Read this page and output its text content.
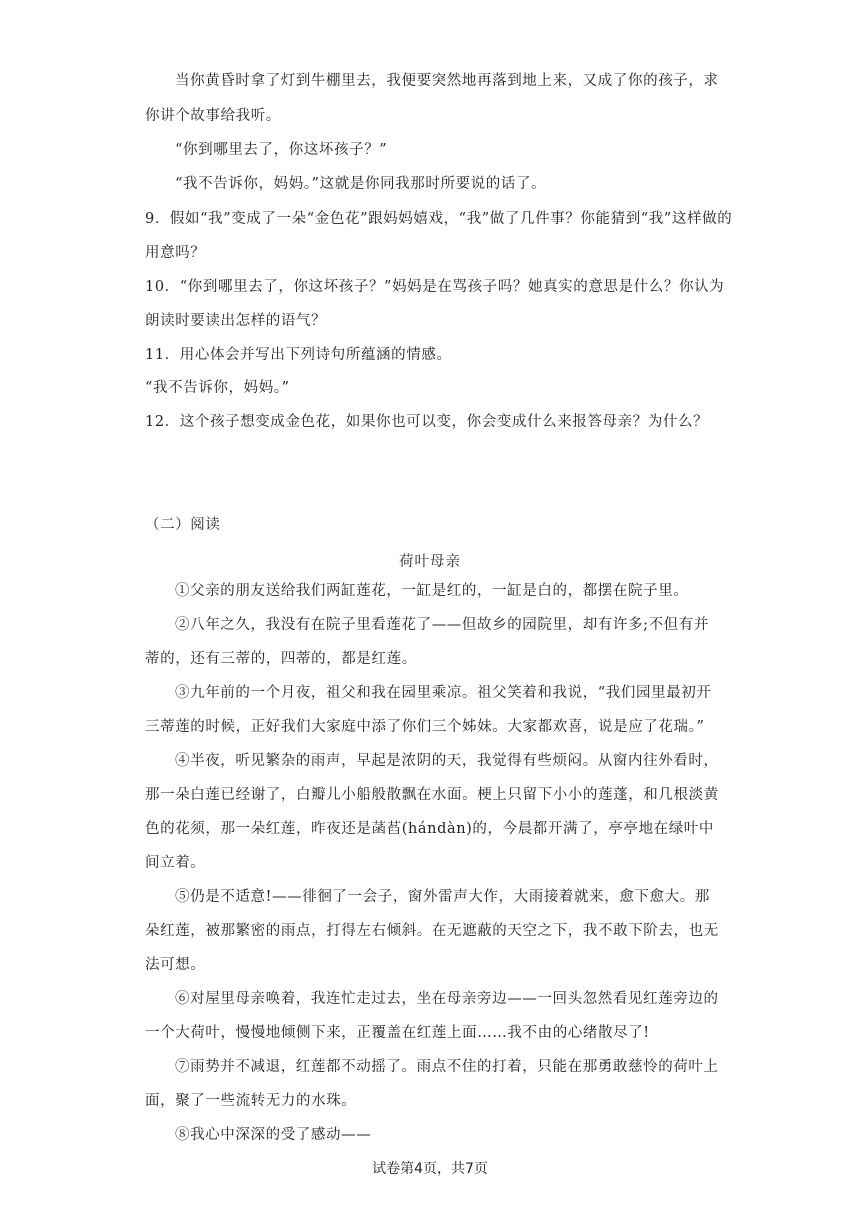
当你黄昏时拿了灯到牛棚里去，我便要突然地再落到地上来，又成了你的孩子，求
你讲个故事给我听。
“你到哪里去了，你这坏孩子？”
“我不告诉你，妈妈。”这就是你同我那时所要说的话了。
9．假如“我”变成了一朵“金色花”跟妈妈嬉戏，“我”做了几件事？你能猜到“我”这样做的
用意吗？
10．“你到哪里去了，你这坏孩子？”妈妈是在骂孩子吗？她真实的意思是什么？你认为
朗读时要读出怎样的语气？
11．用心体会并写出下列诗句所蕴涵的情感。
“我不告诉你，妈妈。”
12．这个孩子想变成金色花，如果你也可以变，你会变成什么来报答母亲？为什么？
（二）阅读
荷叶母亲
①父亲的朋友送给我们两缸莲花，一缸是红的，一缸是白的，都摆在院子里。
②八年之久，我没有在院子里看莲花了——但故乡的园院里，却有许多;不但有并
蒂的，还有三蒂的，四蒂的，都是红莲。
③九年前的一个月夜，祖父和我在园里乘凉。祖父笑着和我说，“我们园里最初开
三蒂莲的时候，正好我们大家庭中添了你们三个姊妹。大家都欢喜，说是应了花瑞。”
④半夜，听见繁杂的雨声，早起是浓阴的天，我觉得有些烦闷。从窗内往外看时，
那一朵白莲已经谢了，白瓣儿小船般散飘在水面。梗上只留下小小的莲蓬，和几根淡黄
色的花须，那一朵红莲，昨夜还是菡萏(hándàn)的，今晨都开满了，亭亭地在绿叶中
间立着。
⑤仍是不适意!——徘徊了一会子，窗外雷声大作，大雨接着就来，愈下愈大。那
朵红莲，被那繁密的雨点，打得左右倾斜。在无遮蔽的天空之下，我不敢下阶去，也无
法可想。
⑥对屋里母亲唤着，我连忙走过去，坐在母亲旁边——一回头忽然看见红莲旁边的
一个大荷叶，慢慢地倾侧下来，正覆盖在红莲上面……我不由的心绪散尽了!
⑦雨势并不减退，红莲都不动摇了。雨点不住的打着，只能在那勇敢慈怜的荷叶上
面，聚了一些流转无力的水珠。
⑧我心中深深的受了感动——
试卷第4页，共7页
